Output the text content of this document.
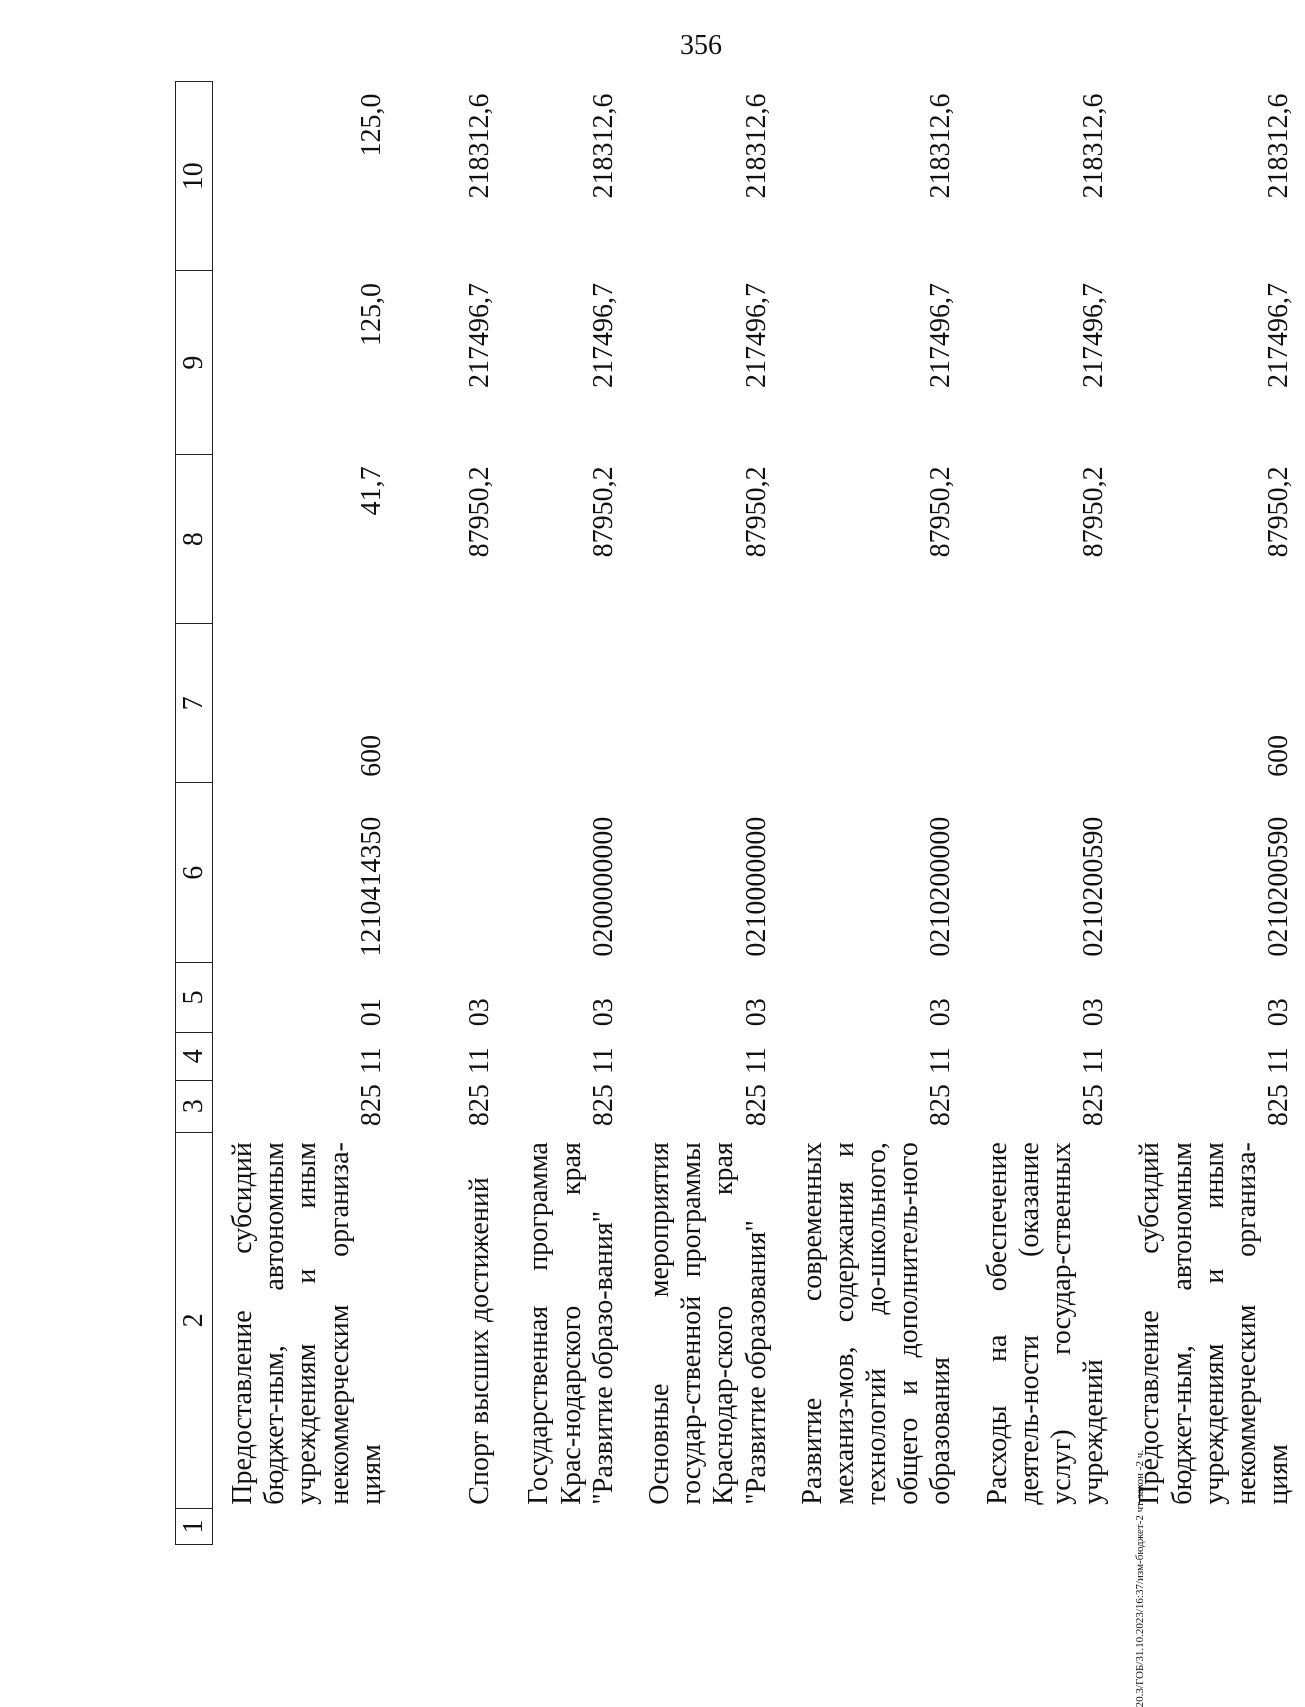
356
20.3/ГОБ/31.10.2023/16:37/изм-бюджет-2 чт-закон -2 ч.
1	2	3	4	5	6	7	8	9	10
	Предоставление субсидий бюджет-ным, автономным учреждениям и иным некоммерческим организа-циям	825	11	01	1210414350	600	41,7	125,0	125,0
	Спорт высших достижений	825	11	03			87950,2	217496,7	218312,6
	Государственная программа Крас-нодарского края "Развитие образо-вания"	825	11	03	0200000000		87950,2	217496,7	218312,6
	Основные мероприятия государ-ственной программы Краснодар-ского края "Развитие образования"	825	11	03	0210000000		87950,2	217496,7	218312,6
	Развитие современных механиз-мов, содержания и технологий до-школьного, общего и дополнитель-ного образования	825	11	03	0210200000		87950,2	217496,7	218312,6
	Расходы на обеспечение деятель-ности (оказание услуг) государ-ственных учреждений	825	11	03	0210200590		87950,2	217496,7	218312,6
	Предоставление субсидий бюджет-ным, автономным учреждениям и иным некоммерческим организа-циям	825	11	03	0210200590	600	87950,2	217496,7	218312,6
